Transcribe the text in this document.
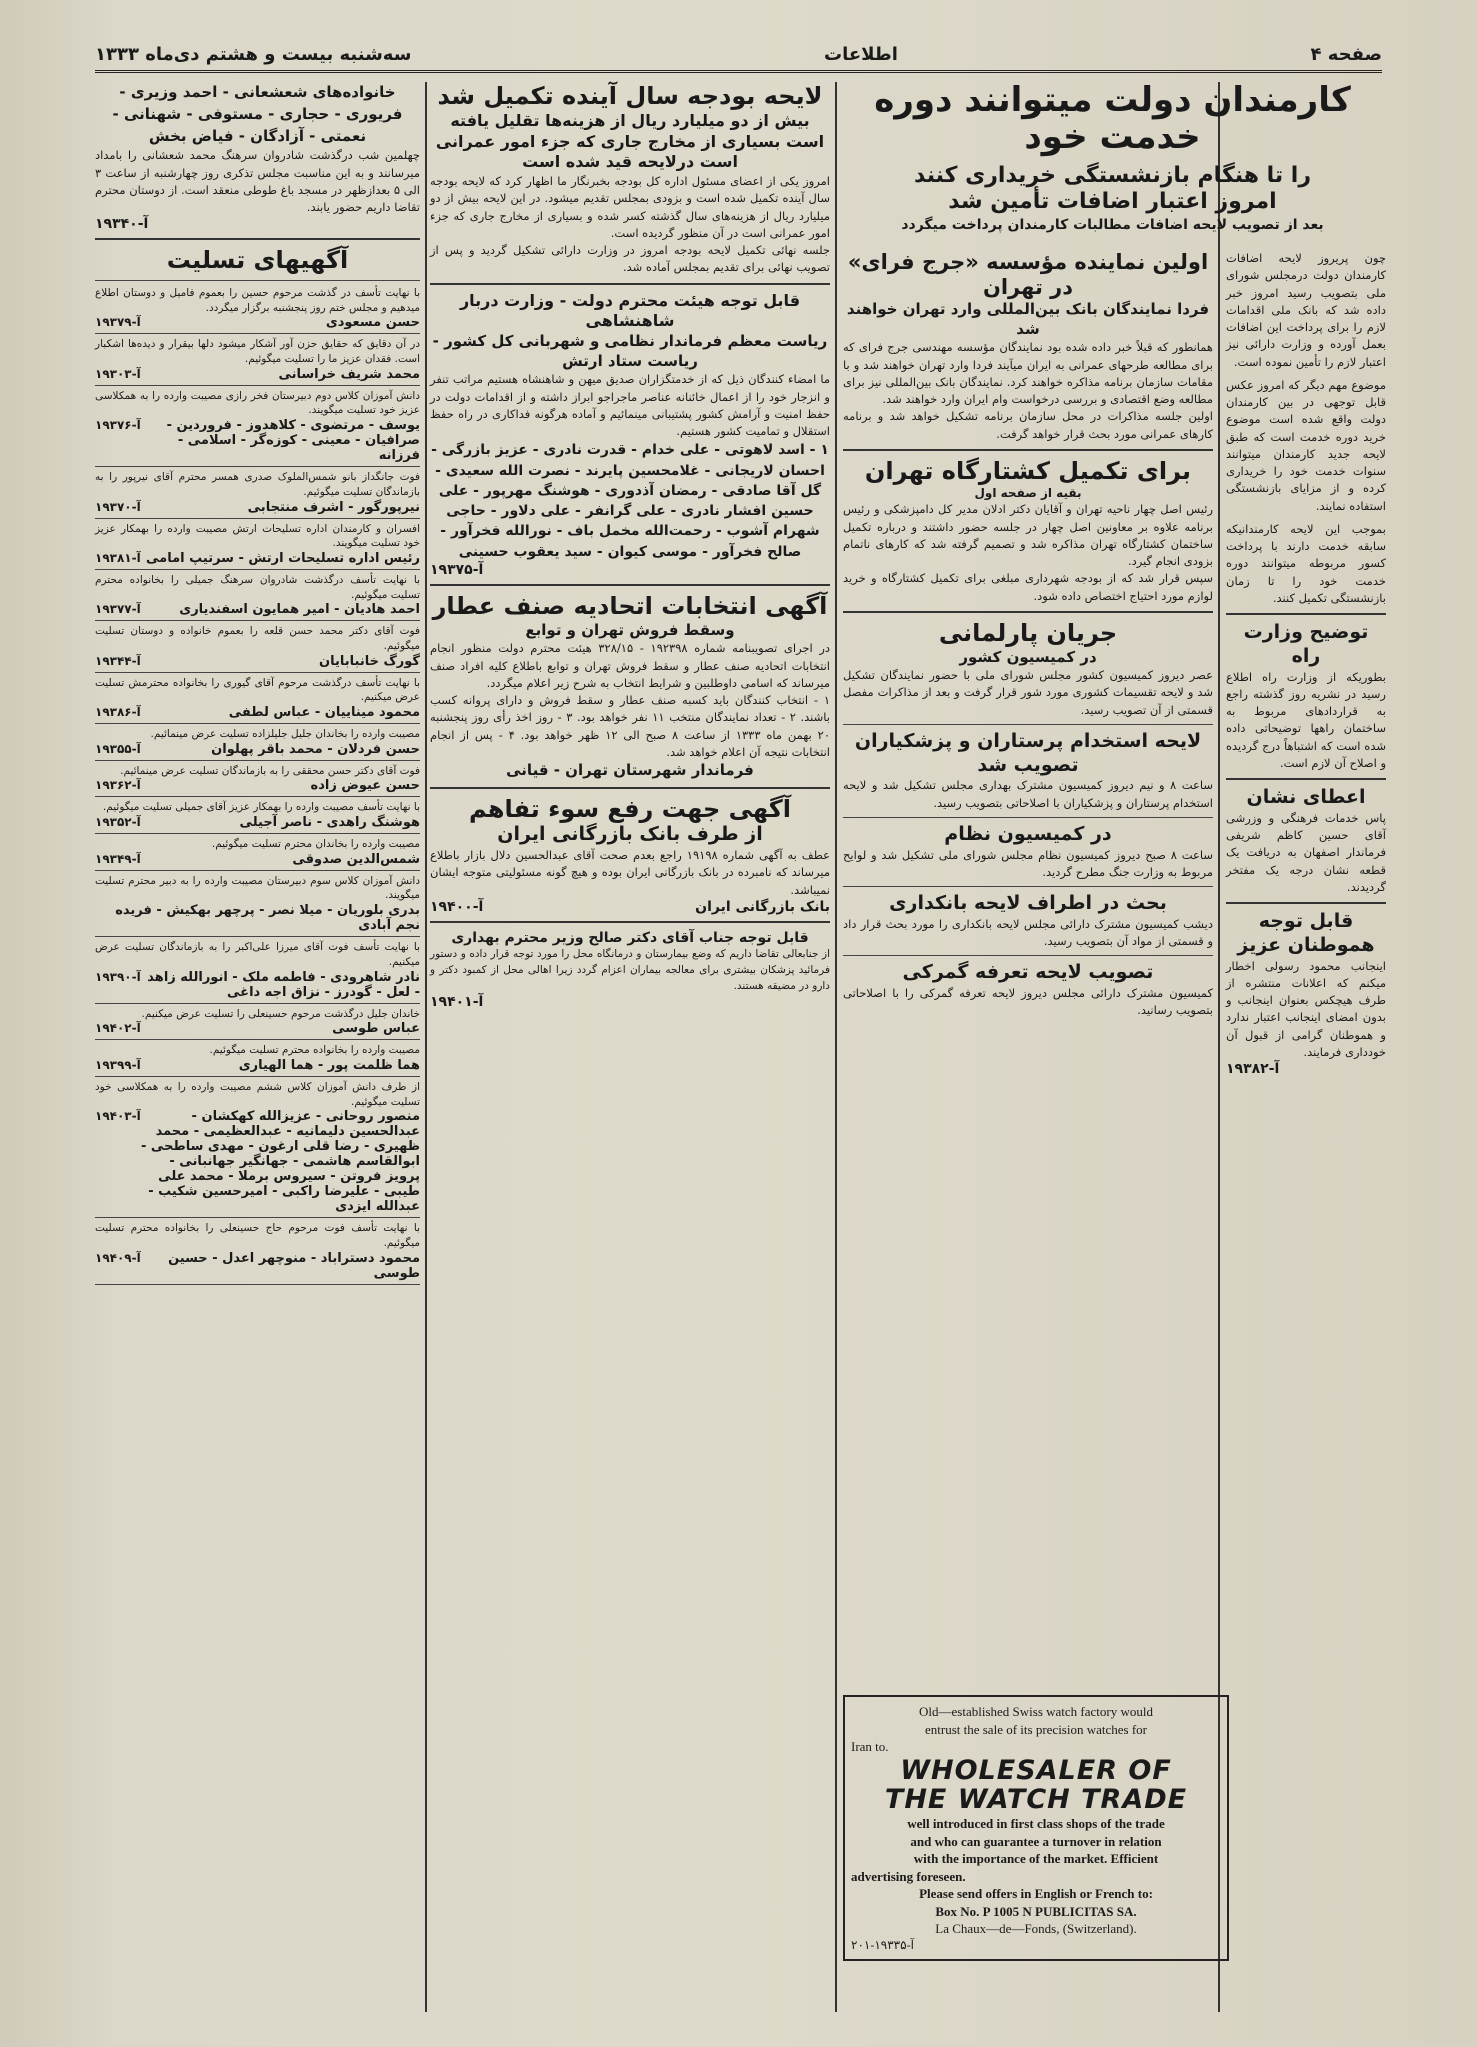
صفحه ۴
اطلاعات
سه‌شنبه بیست و هشتم دی‌ماه ۱۳۳۳
کارمندان دولت میتوانند دوره خدمت خود
را تا هنگام بازنشستگی خریداری کنند
امروز اعتبار اضافات تأمین شد
بعد از تصویب لایحه اضافات مطالبات کارمندان پرداخت میگردد
چون پریروز لایحه اضافات کارمندان دولت درمجلس شورای ملی بتصویب رسید امروز خبر داده شد که بانک ملی اقدامات لازم را برای پرداخت این اضافات بعمل آورده و وزارت دارائی نیز اعتبار لازم را تأمین نموده است.
موضوع مهم دیگر که امروز عکس قابل توجهی در بین کارمندان دولت واقع شده است موضوع خرید دوره خدمت است که طبق لایحه جدید کارمندان میتوانند سنوات خدمت خود را خریداری کرده و از مزایای بازنشستگی استفاده نمایند.
بموجب این لایحه کارمندانیکه سابقه خدمت دارند با پرداخت کسور مربوطه میتوانند دوره خدمت خود را تا زمان بازنشستگی تکمیل کنند.
توضیح وزارت راه
بطوریکه از وزارت راه اطلاع رسید در نشریه روز گذشته راجع به قراردادهای مربوط به ساختمان راهها توضیحاتی داده شده است که اشتباهاً درج گردیده و اصلاح آن لازم است.
اعطای نشان
پاس خدمات فرهنگی و وزرشی آقای حسین کاظم شریفی فرماندار اصفهان به دریافت یک قطعه نشان درجه یک مفتخر گردیدند.
قابل توجه هموطنان عزیز
اینجانب محمود رسولی اخطار میکنم که اعلانات منتشره از طرف هیچکس بعنوان اینجانب و بدون امضای اینجانب اعتبار ندارد و هموطنان گرامی از قبول آن خودداری فرمایند.
آ-۱۹۳۸۲
اولین نماینده مؤسسه «جرج فرای» در تهران
فردا نمایندگان بانک بین‌المللی وارد تهران خواهند شد
همانطور که قبلاً خبر داده شده بود نمایندگان مؤسسه مهندسی جرج فرای که برای مطالعه طرحهای عمرانی به ایران میآیند فردا وارد تهران خواهند شد و با مقامات سازمان برنامه مذاکره خواهند کرد. نمایندگان بانک بین‌المللی نیز برای مطالعه وضع اقتصادی و بررسی درخواست وام ایران وارد خواهند شد.
اولین جلسه مذاکرات در محل سازمان برنامه تشکیل خواهد شد و برنامه کارهای عمرانی مورد بحث قرار خواهد گرفت.
برای تکمیل کشتارگاه تهران
بقیه از صفحه اول
رئیس اصل چهار ناحیه تهران و آقایان دکتر ادلان مدیر کل دامپزشکی و رئیس برنامه علاوه بر معاونین اصل چهار در جلسه حضور داشتند و درباره تکمیل ساختمان کشتارگاه تهران مذاکره شد و تصمیم گرفته شد که کارهای ناتمام بزودی انجام گیرد.
سپس قرار شد که از بودجه شهرداری مبلغی برای تکمیل کشتارگاه و خرید لوازم مورد احتیاج اختصاص داده شود.
جریان پارلمانی
در کمیسیون کشور
عصر دیروز کمیسیون کشور مجلس شورای ملی با حضور نمایندگان تشکیل شد و لایحه تقسیمات کشوری مورد شور قرار گرفت و بعد از مذاکرات مفصل قسمتی از آن تصویب رسید.
لایحه استخدام پرستاران و پزشکیاران تصویب شد
ساعت ۸ و نیم دیروز کمیسیون مشترک بهداری مجلس تشکیل شد و لایحه استخدام پرستاران و پزشکیاران با اصلاحاتی بتصویب رسید.
در کمیسیون نظام
ساعت ۸ صبح دیروز کمیسیون نظام مجلس شورای ملی تشکیل شد و لوایح مربوط به وزارت جنگ مطرح گردید.
بحث در اطراف لایحه بانکداری
دیشب کمیسیون مشترک دارائی مجلس لایحه بانکداری را مورد بحث قرار داد و قسمتی از مواد آن بتصویب رسید.
تصویب لایحه تعرفه گمرکی
کمیسیون مشترک دارائی مجلس دیروز لایحه تعرفه گمرکی را با اصلاحاتی بتصویب رسانید.
لایحه بودجه سال آینده تکمیل شد
بیش از دو میلیارد ریال از هزینه‌ها تقلیل یافته است بسیاری از مخارج جاری که جزء امور عمرانی است درلایحه قید شده است
امروز یکی از اعضای مسئول اداره کل بودجه بخبرنگار ما اظهار کرد که لایحه بودجه سال آینده تکمیل شده است و بزودی بمجلس تقدیم میشود. در این لایحه بیش از دو میلیارد ریال از هزینه‌های سال گذشته کسر شده و بسیاری از مخارج جاری که جزء امور عمرانی است در آن منظور گردیده است.
جلسه نهائی تکمیل لایحه بودجه امروز در وزارت دارائی تشکیل گردید و پس از تصویب نهائی برای تقدیم بمجلس آماده شد.
قابل توجه هیئت محترم دولت - وزارت دربار شاهنشاهی
ریاست معظم فرماندار نظامی و شهربانی کل کشور - ریاست ستاد ارتش
ما امضاء کنندگان ذیل که از خدمتگزاران صدیق میهن و شاهنشاه هستیم مراتب تنفر و انزجار خود را از اعمال خائنانه عناصر ماجراجو ابراز داشته و از اقدامات دولت در حفظ امنیت و آرامش کشور پشتیبانی مینمائیم و آماده هرگونه فداکاری در راه حفظ استقلال و تمامیت کشور هستیم.
۱ - اسد لاهوتی - علی خدام - قدرت نادری - عزیز بازرگی - احسان لاریجانی - غلامحسین پایرند - نصرت الله سعیدی - گل آقا صادقی - رمضان آذدوری - هوشنگ مهرپور - علی حسین افشار نادری - علی گرانفر - علی دلاور - حاجی شهرام آشوب - رحمت‌الله مخمل باف - نورالله فخرآور - صالح فخرآور - موسی کیوان - سید یعقوب حسینی
آ-۱۹۳۷۵
آگهی انتخابات اتحادیه صنف عطار
وسقط فروش تهران و توابع
در اجرای تصویبنامه شماره ۱۹۲۳۹۸ - ۳۲۸/۱۵ هیئت محترم دولت منظور انجام انتخابات اتحادیه صنف عطار و سقط فروش تهران و توابع باطلاع کلیه افراد صنف میرساند که اسامی داوطلبین و شرایط انتخاب به شرح زیر اعلام میگردد.
۱ - انتخاب کنندگان باید کسبه صنف عطار و سقط فروش و دارای پروانه کسب باشند. ۲ - تعداد نمایندگان منتخب ۱۱ نفر خواهد بود. ۳ - روز اخذ رأی روز پنجشنبه ۲۰ بهمن ماه ۱۳۳۳ از ساعت ۸ صبح الی ۱۲ ظهر خواهد بود. ۴ - پس از انجام انتخابات نتیجه آن اعلام خواهد شد.
فرماندار شهرستان تهران - قیانی
آگهی جهت رفع سوء تفاهم
از طرف بانک بازرگانی ایران
عطف به آگهی شماره ۱۹۱۹۸ راجع بعدم صحت آقای عبدالحسین دلال بازار باطلاع میرساند که نامبرده در بانک بازرگانی ایران بوده و هیچ گونه مسئولیتی متوجه ایشان نمیباشد.
بانک بازرگانی ایران
آ-۱۹۴۰۰
قابل توجه جناب آقای دکتر صالح وزیر محترم بهداری
از جنابعالی تقاضا داریم که وضع بیمارستان و درمانگاه محل را مورد توجه قرار داده و دستور فرمائید پزشکان بیشتری برای معالجه بیماران اعزام گردد زیرا اهالی محل از کمبود دکتر و دارو در مضیقه هستند.
آ-۱۹۴۰۱
Old—established Swiss watch factory would
entrust the sale of its precision watches for
Iran to.
WHOLESALER OF
THE WATCH TRADE
well introduced in first class shops of the trade
and who can guarantee a turnover in relation
with the importance of the market. Efficient
advertising foreseen.
Please send offers in English or French to:
Box No. P 1005 N PUBLICITAS SA.
La Chaux—de—Fonds, (Switzerland).
آ-۱۹۳۳۵-۲۰۱
خانواده‌های شعشعانی - احمد وزیری - فریوری - حجاری - مستوفی - شهنانی - نعمتی - آزادگان - فیاض بخش
چهلمین شب درگذشت شادروان سرهنگ محمد شعشانی را بامداد میرسانند و به این مناسبت مجلس تذکری روز چهارشنبه از ساعت ۳ الی ۵ بعدازظهر در مسجد باغ طوطی منعقد است. از دوستان محترم تقاضا داریم حضور یابند.
آ-۱۹۳۴۰
آگهیهای تسلیت
با نهایت تأسف در گذشت مرحوم حسین را بعموم فامیل و دوستان اطلاع میدهیم و مجلس ختم روز پنجشنبه برگزار میگردد.
حسن مسعودی
آ-۱۹۳۷۹
در آن دقایق که حقایق حزن آور آشکار میشود دلها بیقرار و دیده‌ها اشکبار است. فقدان عزیز ما را تسلیت میگوئیم.
محمد شریف خراسانی
آ-۱۹۳۰۳
دانش آموزان کلاس دوم دبیرستان فخر رازی مصیبت وارده را به همکلاسی عزیز خود تسلیت میگویند.
یوسف - مرتضوی - کلاهدوز - فروردین - صرافیان - معینی - کوزه‌گر - اسلامی - فرزانه
آ-۱۹۳۷۶
فوت جانگداز بانو شمس‌الملوک صدری همسر محترم آقای نیرپور را به بازماندگان تسلیت میگوئیم.
نیرپورگور - اشرف منتجابی
آ-۱۹۳۷۰
افسران و کارمندان اداره تسلیحات ارتش مصیبت وارده را بهمکار عزیز خود تسلیت میگویند.
رئیس اداره تسلیحات ارتش - سرتیپ امامی
آ-۱۹۳۸۱
با نهایت تأسف درگذشت شادروان سرهنگ جمیلی را بخانواده محترم تسلیت میگوئیم.
احمد هادیان - امیر همایون اسفندیاری
آ-۱۹۳۷۷
فوت آقای دکتر محمد حسن قلعه را بعموم خانواده و دوستان تسلیت میگوئیم.
گورگ خانبابایان
آ-۱۹۳۴۴
با نهایت تأسف درگذشت مرحوم آقای گیوری را بخانواده محترمش تسلیت عرض میکنیم.
محمود میناییان - عباس لطفی
آ-۱۹۳۸۶
مصیبت وارده را بخاندان جلیل جلیلزاده تسلیت عرض مینمائیم.
حسن فردلان - محمد باقر پهلوان
آ-۱۹۳۵۵
فوت آقای دکتر حسن محققی را به بازماندگان تسلیت عرض مینمائیم.
حسن عیوض زاده
آ-۱۹۳۶۲
با نهایت تأسف مصیبت وارده را بهمکار عزیز آقای جمیلی تسلیت میگوئیم.
هوشنگ راهدی - ناصر آجیلی
آ-۱۹۳۵۲
مصیبت وارده را بخاندان محترم تسلیت میگوئیم.
شمس‌الدین صدوقی
آ-۱۹۳۴۹
دانش آموزان کلاس سوم دبیرستان مصیبت وارده را به دبیر محترم تسلیت میگویند.
بدری بلوریان - میلا نصر - پرچهر بهکیش - فریده نجم آبادی
با نهایت تأسف فوت آقای میرزا علی‌اکبر را به بازماندگان تسلیت عرض میکنیم.
نادر شاهرودی - فاطمه ملک - انورالله زاهد - لعل - گودرز - نزاق اجه داغی
آ-۱۹۳۹۰
خاندان جلیل درگذشت مرحوم حسینعلی را تسلیت عرض میکنیم.
عباس طوسی
آ-۱۹۴۰۲
مصیبت وارده را بخانواده محترم تسلیت میگوئیم.
هما ظلمت پور - هما الهیاری
آ-۱۹۳۹۹
از طرف دانش آموزان کلاس ششم مصیبت وارده را به همکلاسی خود تسلیت میگوئیم.
منصور روحانی - عزیزالله کهکشان - عبدالحسین دلیمانیه - عبدالعظیمی - محمد ظهیری - رضا قلی ارغون - مهدی ساطحی - ابوالقاسم هاشمی - جهانگیر جهانبانی - پرویز فروتن - سیروس برملا - محمد علی طیبی - علیرضا راکبی - امیرحسین شکیب - عبدالله ایزدی
آ-۱۹۴۰۳
با نهایت تأسف فوت مرحوم حاج حسینعلی را بخانواده محترم تسلیت میگوئیم.
محمود دستراباد - منوچهر اعدل - حسین طوسی
آ-۱۹۴۰۹
